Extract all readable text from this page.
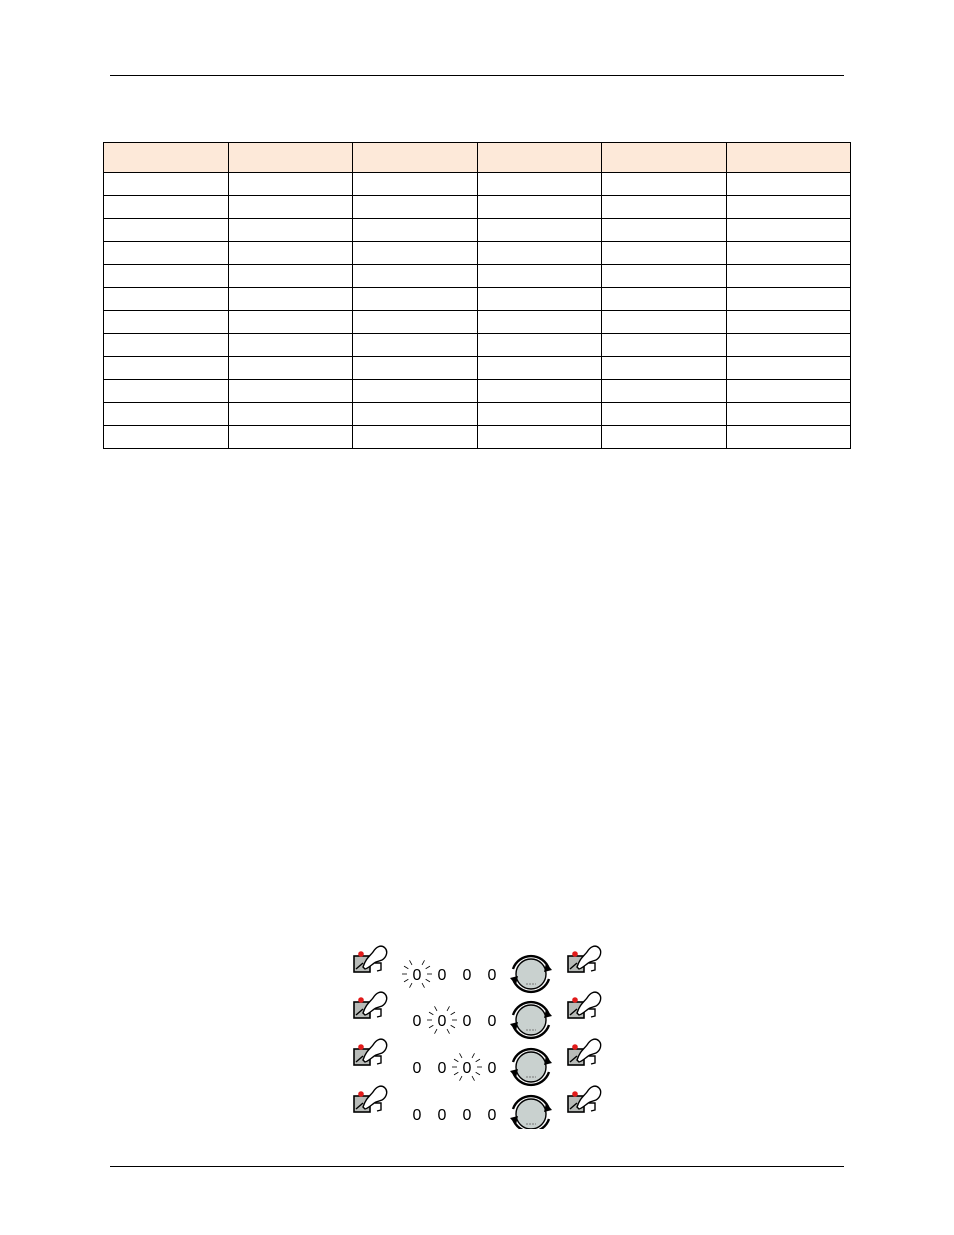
0 0 0 0
0 0 0 0
0 0 0 0
0 0 0 0
